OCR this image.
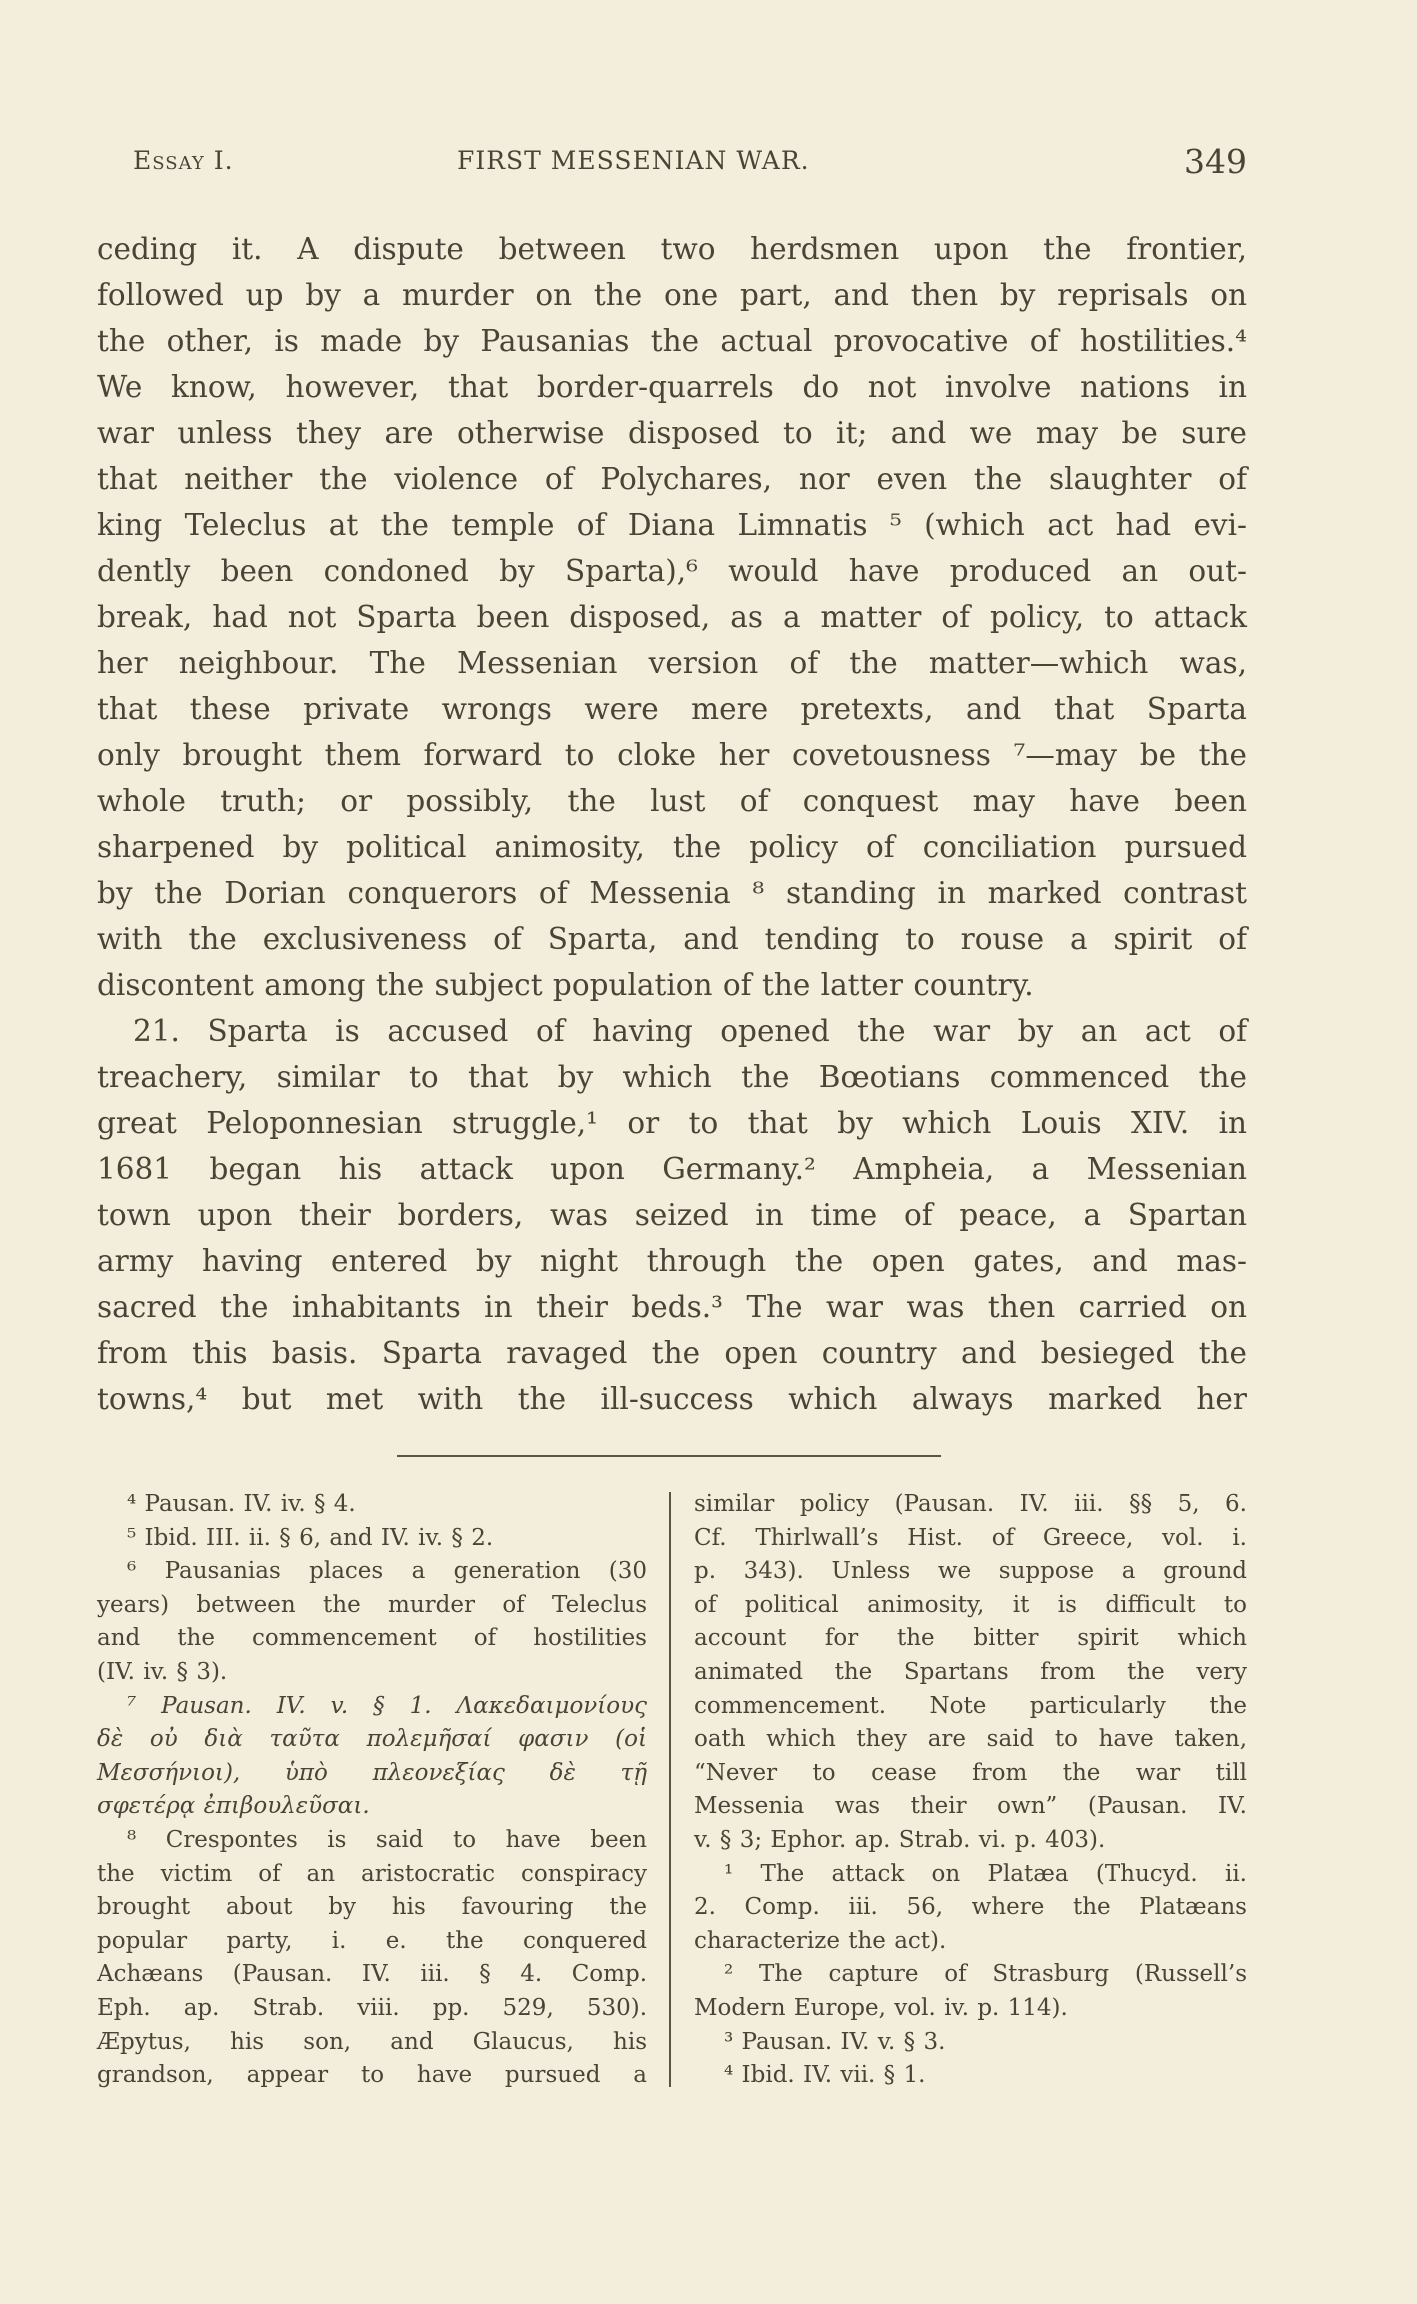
Essay I.	FIRST MESSENIAN WAR.	349
ceding it. A dispute between two herdsmen upon the frontier,
followed up by a murder on the one part, and then by reprisals on
the other, is made by Pausanias the actual provocative of hostilities.⁴
We know, however, that border-quarrels do not involve nations in
war unless they are otherwise disposed to it; and we may be sure
that neither the violence of Polychares, nor even the slaughter of
king Teleclus at the temple of Diana Limnatis ⁵ (which act had evi-
dently been condoned by Sparta),⁶ would have produced an out-
break, had not Sparta been disposed, as a matter of policy, to attack
her neighbour. The Messenian version of the matter—which was,
that these private wrongs were mere pretexts, and that Sparta
only brought them forward to cloke her covetousness ⁷—may be the
whole truth; or possibly, the lust of conquest may have been
sharpened by political animosity, the policy of conciliation pursued
by the Dorian conquerors of Messenia ⁸ standing in marked contrast
with the exclusiveness of Sparta, and tending to rouse a spirit of
discontent among the subject population of the latter country.
21. Sparta is accused of having opened the war by an act of
treachery, similar to that by which the Bœotians commenced the
great Peloponnesian struggle,¹ or to that by which Louis XIV. in
1681 began his attack upon Germany.² Ampheia, a Messenian
town upon their borders, was seized in time of peace, a Spartan
army having entered by night through the open gates, and mas-
sacred the inhabitants in their beds.³ The war was then carried on
from this basis. Sparta ravaged the open country and besieged the
towns,⁴ but met with the ill-success which always marked her
⁴ Pausan. IV. iv. § 4.
⁵ Ibid. III. ii. § 6, and IV. iv. § 2.
⁶ Pausanias places a generation (30
years) between the murder of Teleclus
and the commencement of hostilities
(IV. iv. § 3).
⁷ Pausan. IV. v. § 1. Λακεδαιμονίους
δὲ οὐ διὰ ταῦτα πολεμῆσαί φασιν (οἱ
Μεσσήνιοι), ὑπὸ πλεονεξίας δὲ τῇ
σφετέρᾳ ἐπιβουλεῦσαι.
⁸ Crespontes is said to have been
the victim of an aristocratic conspiracy
brought about by his favouring the
popular party, i. e. the conquered
Achæans (Pausan. IV. iii. § 4. Comp.
Eph. ap. Strab. viii. pp. 529, 530).
Æpytus, his son, and Glaucus, his
grandson, appear to have pursued a
similar policy (Pausan. IV. iii. §§ 5, 6.
Cf. Thirlwall’s Hist. of Greece, vol. i.
p. 343). Unless we suppose a ground
of political animosity, it is difficult to
account for the bitter spirit which
animated the Spartans from the very
commencement. Note particularly the
oath which they are said to have taken,
“Never to cease from the war till
Messenia was their own” (Pausan. IV.
v. § 3; Ephor. ap. Strab. vi. p. 403).
¹ The attack on Platæa (Thucyd. ii.
2. Comp. iii. 56, where the Platæans
characterize the act).
² The capture of Strasburg (Russell’s
Modern Europe, vol. iv. p. 114).
³ Pausan. IV. v. § 3.
⁴ Ibid. IV. vii. § 1.
